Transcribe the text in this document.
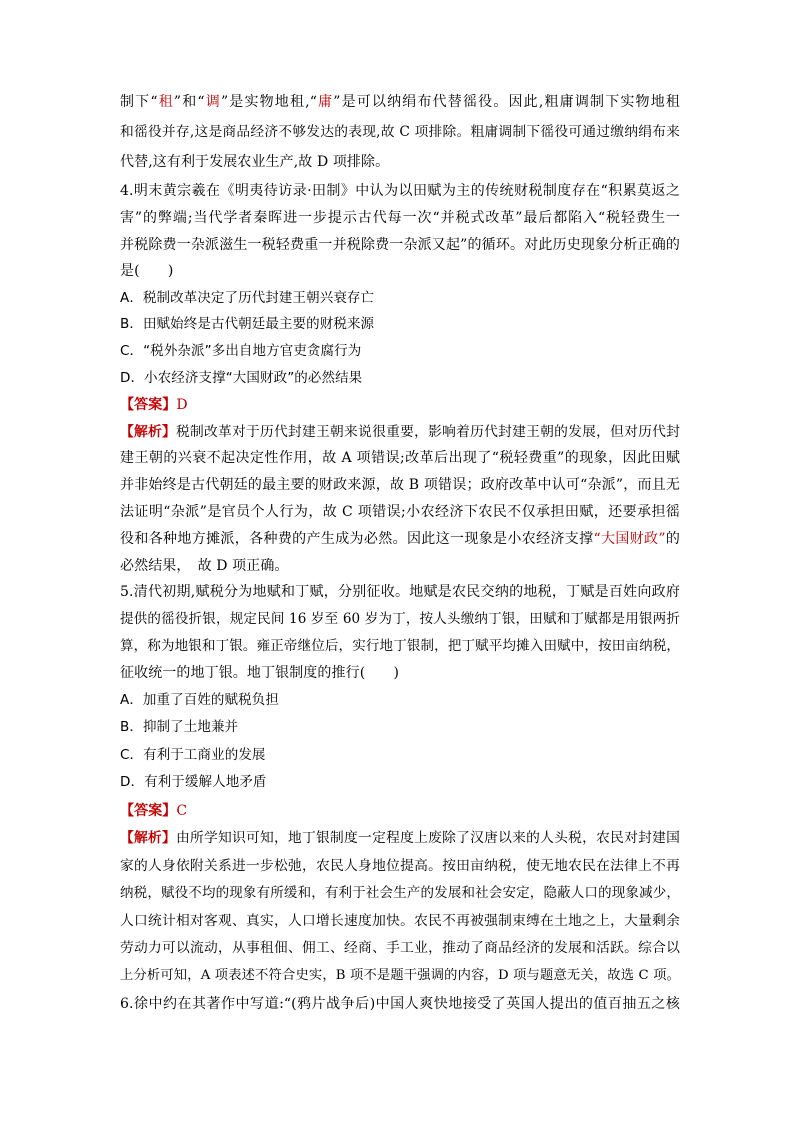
制下“租”和“调”是实物地租,“庸”是可以纳绢布代替徭役。因此,粗庸调制下实物地租
和徭役并存,这是商品经济不够发达的表现,故 C 项排除。粗庸调制下徭役可通过缴纳绢布来
代替,这有利于发展农业生产,故 D 项排除。
4.明末黄宗羲在《明夷待访录·田制》中认为以田赋为主的传统财税制度存在“积累莫返之
害”的弊端;当代学者秦晖进一步提示古代每一次“并税式改革”最后都陷入“税轻费生一
并税除费一杂派滋生一税轻费重一并税除费一杂派又起”的循环。对此历史现象分析正确的
是(　　)
A．税制改革决定了历代封建王朝兴衰存亡
B．田赋始终是古代朝廷最主要的财税来源
C．“税外杂派”多出自地方官吏贪腐行为
D．小农经济支撑“大国财政”的必然结果
【答案】D
【解析】税制改革对于历代封建王朝来说很重要，影响着历代封建王朝的发展，但对历代封
建王朝的兴衰不起决定性作用，故 A 项错误;改革后出现了“税轻费重”的现象，因此田赋
并非始终是古代朝廷的最主要的财政来源，故 B 项错误；政府改革中认可“杂派”，而且无
法证明“杂派”是官员个人行为，故 C 项错误;小农经济下农民不仅承担田赋，还要承担徭
役和各种地方摊派，各种费的产生成为必然。因此这一现象是小农经济支撑“大国财政”的
必然结果，　故 D 项正确。
5.清代初期,赋税分为地赋和丁赋，分别征收。地赋是农民交纳的地税，丁赋是百姓向政府
提供的徭役折银，规定民间 16 岁至 60 岁为丁，按人头缴纳丁银，田赋和丁赋都是用银两折
算，称为地银和丁银。雍正帝继位后，实行地丁银制，把丁赋平均摊入田赋中，按田亩纳税，
征收统一的地丁银。地丁银制度的推行(　　)
A．加重了百姓的赋税负担
B．抑制了土地兼并
C．有利于工商业的发展
D．有利于缓解人地矛盾
【答案】C
【解析】由所学知识可知，地丁银制度一定程度上废除了汉唐以来的人头税，农民对封建国
家的人身依附关系进一步松弛，农民人身地位提高。按田亩纳税，使无地农民在法律上不再
纳税，赋役不均的现象有所缓和，有利于社会生产的发展和社会安定，隐蔽人口的现象减少，
人口统计相对客观、真实，人口增长速度加快。农民不再被强制束缚在土地之上，大量剩余
劳动力可以流动，从事租佃、佣工、经商、手工业，推动了商品经济的发展和活跃。综合以
上分析可知，A 项表述不符合史实，B 项不是题干强调的内容，D 项与题意无关，故选 C 项。
6.徐中约在其著作中写道:“(鸦片战争后)中国人爽快地接受了英国人提出的值百抽五之核
